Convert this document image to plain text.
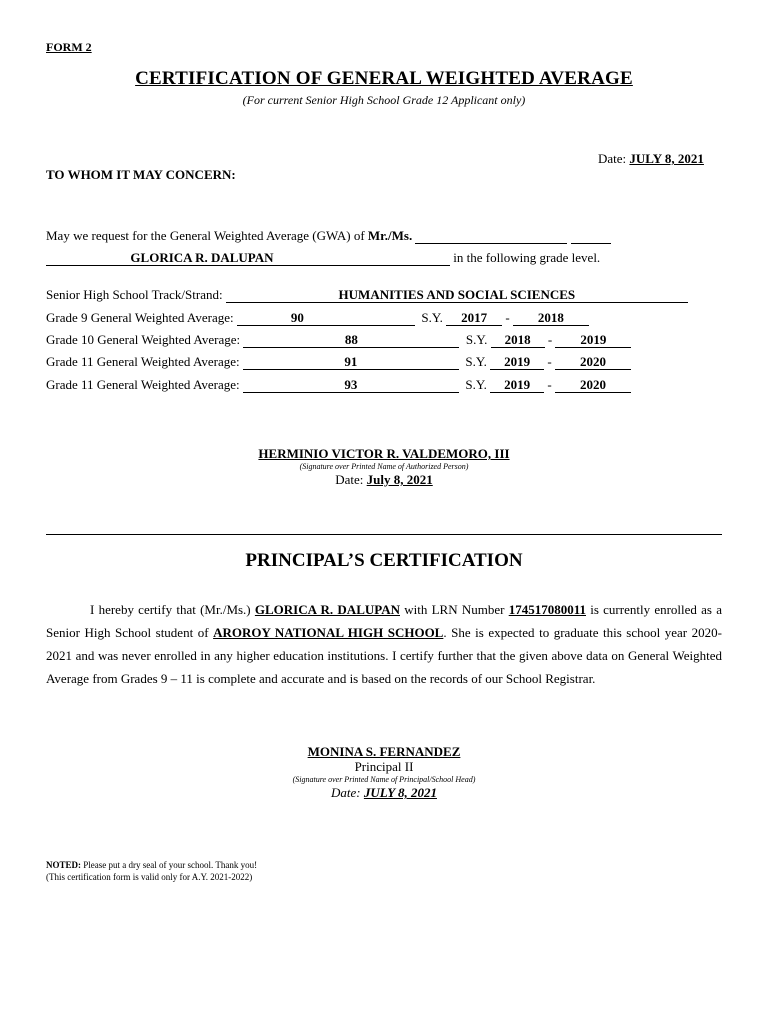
FORM 2
CERTIFICATION OF GENERAL WEIGHTED AVERAGE
(For current Senior High School Grade 12 Applicant only)
Date: JULY 8, 2021
TO WHOM IT MAY CONCERN:
May we request for the General Weighted Average (GWA) of Mr./Ms.
GLORICA R. DALUPAN	in the following grade level.
Senior High School Track/Strand:	HUMANITIES AND SOCIAL SCIENCES
Grade 9 General Weighted Average:	90	S.Y. 2017 - 2018
Grade 10 General Weighted Average:	88	S.Y. 2018 - 2019
Grade 11 General Weighted Average:	91	S.Y. 2019 - 2020
Grade 11 General Weighted Average:	93	S.Y. 2019 - 2020
HERMINIO VICTOR R. VALDEMORO, III
(Signature over Printed Name of Authorized Person)
Date: July 8, 2021
PRINCIPAL’S CERTIFICATION
I hereby certify that (Mr./Ms.) GLORICA R. DALUPAN with LRN Number 174517080011 is currently enrolled as a Senior High School student of AROROY NATIONAL HIGH SCHOOL. She is expected to graduate this school year 2020-2021 and was never enrolled in any higher education institutions. I certify further that the given above data on General Weighted Average from Grades 9 – 11 is complete and accurate and is based on the records of our School Registrar.
MONINA S. FERNANDEZ
Principal II
(Signature over Printed Name of Principal/School Head)
Date: JULY 8, 2021
NOTED: Please put a dry seal of your school. Thank you!
(This certification form is valid only for A.Y. 2021-2022)
